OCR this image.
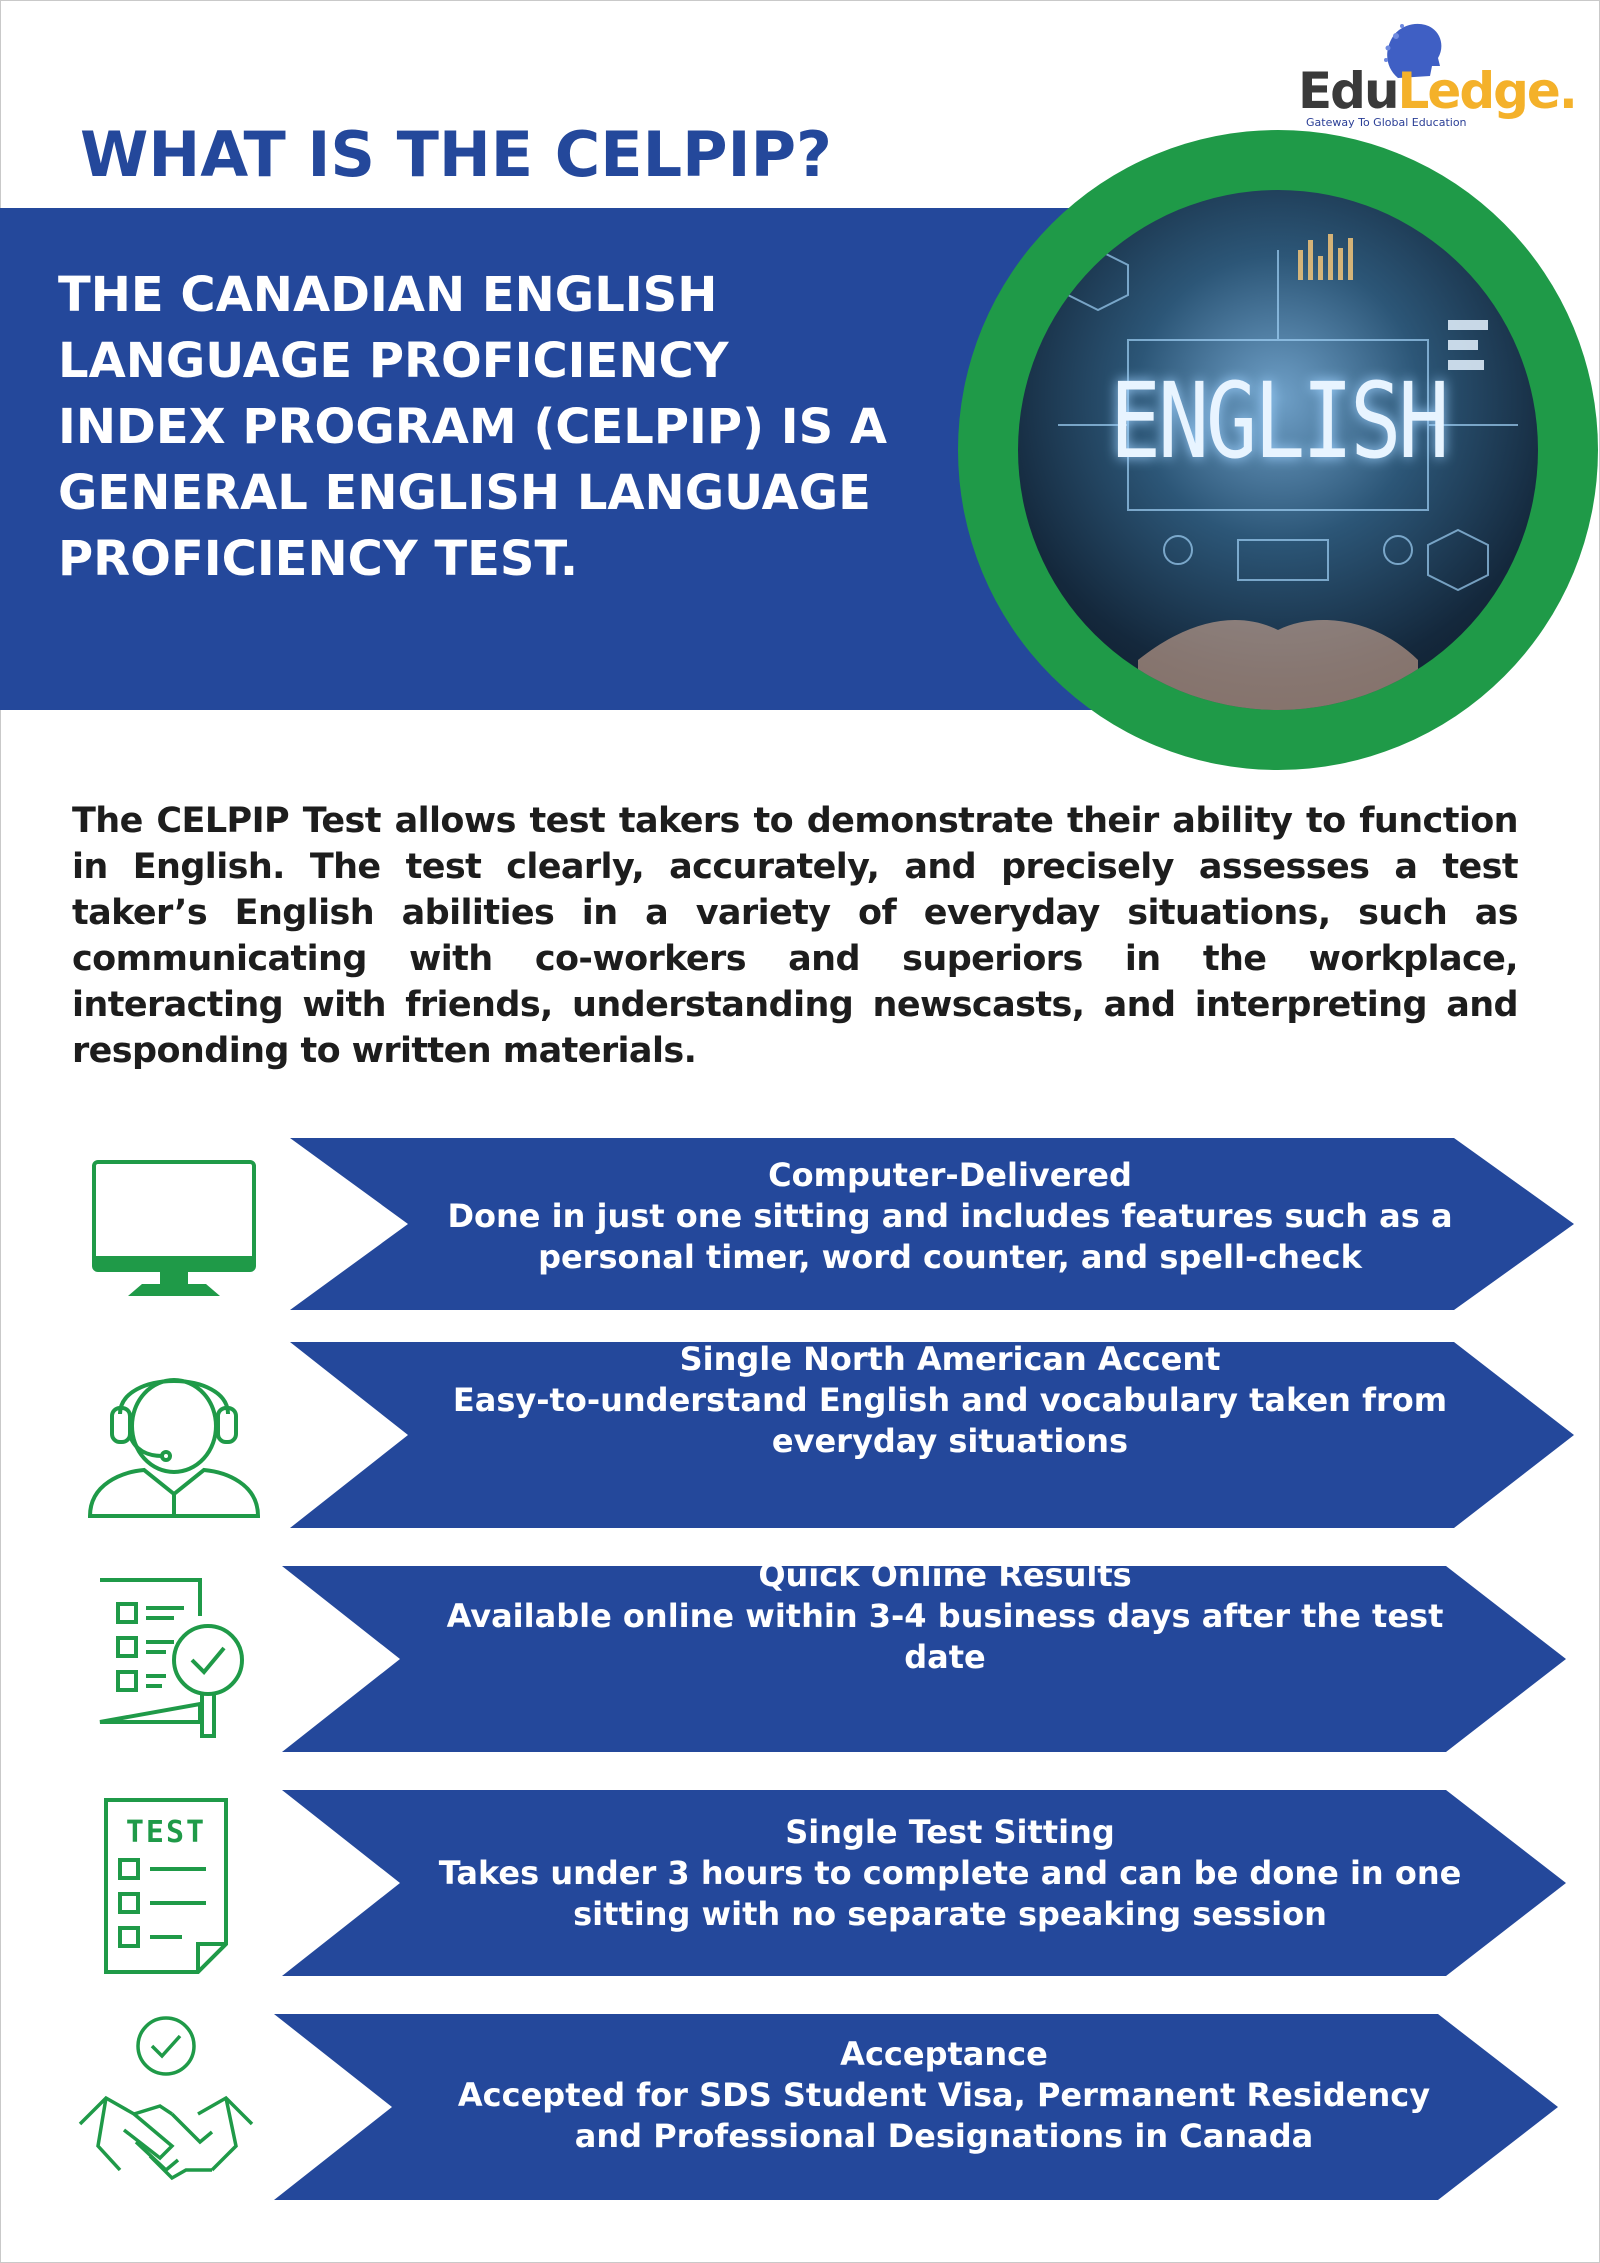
EduLedge.
Gateway To Global Education
WHAT IS THE CELPIP?

THE CANADIAN ENGLISH
LANGUAGE PROFICIENCY
INDEX PROGRAM (CELPIP) IS A
GENERAL ENGLISH LANGUAGE
PROFICIENCY TEST.

ENGLISH

The CELPIP Test allows test takers to demonstrate their ability to function in English. The test clearly, accurately, and precisely assesses a test taker’s English abilities in a variety of everyday situations, such as communicating with co-workers and superiors in the workplace, interacting with friends, understanding newscasts, and interpreting and responding to written materials.

Computer-Delivered
Done in just one sitting and includes features such as a
personal timer, word counter, and spell-check
Single North American Accent
Easy-to-understand English and vocabulary taken from
everyday situations
Quick Online Results
Available online within 3-4 business days after the test
date
TEST	Single Test Sitting
Takes under 3 hours to complete and can be done in one
sitting with no separate speaking session
Acceptance
Accepted for SDS Student Visa, Permanent Residency
and Professional Designations in Canada
